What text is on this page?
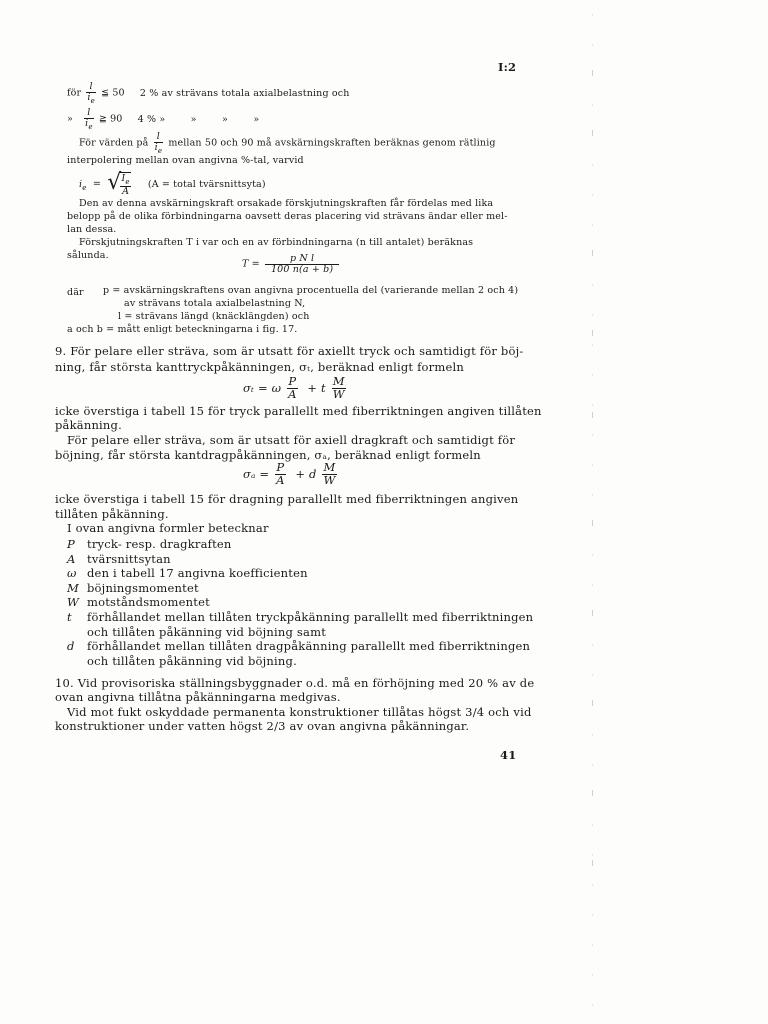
I:2
för $\frac{l}{i_e}$ ≦ 50 2 % av strävans totala axialbelastning och
» $\frac{l}{i_e}$ ≧ 90 4 % »        »        »        »
För värden på $\frac{l}{i_e}$ mellan 50 och 90 må avskärningskraften beräknas genom rätlinig
interpolering mellan ovan angivna %-tal, varvid
$i_e$  = √ $\frac{I_e}{A} (A$ = total tvärsnittsyta)
Den av denna avskärningskraft orsakade förskjutningskraften får fördelas med lika
belopp på de olika förbindningarna oavsett deras placering vid strävans ändar eller mel-
lan dessa.
Förskjutningskraften T i var och en av förbindningarna (n till antalet) beräknas
sålunda.
$T = \frac{\text{p N l}}{100 n(a + b)}$
där p = avskärningskraftens ovan angivna procentuella del (varierande mellan 2 och 4)
av strävans totala axialbelastning N,
l = strävans längd (knäcklängden) och
a och b = mått enligt beteckningarna i fig. 17.
9. För pelare eller sträva, som är utsatt för axiellt tryck och samtidigt för böj-
ning, får största kanttryckpåkänningen, σₜ, beräknad enligt formeln
σₜ = ω $\frac{P}{A} + t \frac{M}{W}$
icke överstiga i tabell 15 för tryck parallellt med fiberriktningen angiven tillåten
påkänning.
För pelare eller sträva, som är utsatt för axiell dragkraft och samtidigt för
böjning, får största kantdragpåkänningen, σₐ, beräknad enligt formeln
$\sigma_a = \frac{P}{A} + d \frac{M}{W}$
icke överstiga i tabell 15 för dragning parallellt med fiberriktningen angiven
tillåten påkänning.
I ovan angivna formler betecknar
P tryck- resp. dragkraften
A tvärsnittsytan
ω den i tabell 17 angivna koefficienten
M böjningsmomentet
W motståndsmomentet
t förhållandet mellan tillåten tryckpåkänning parallellt med fiberriktningen
och tillåten påkänning vid böjning samt
d förhållandet mellan tillåten dragpåkänning parallellt med fiberriktningen
och tillåten påkänning vid böjning.
10. Vid provisoriska ställningsbyggnader o.d. må en förhöjning med 20 % av de
ovan angivna tillåtna påkänningarna medgivas.
Vid mot fukt oskyddade permanenta konstruktioner tillåtas högst 3/4 och vid
konstruktioner under vatten högst 2/3 av ovan angivna påkänningar.
41
